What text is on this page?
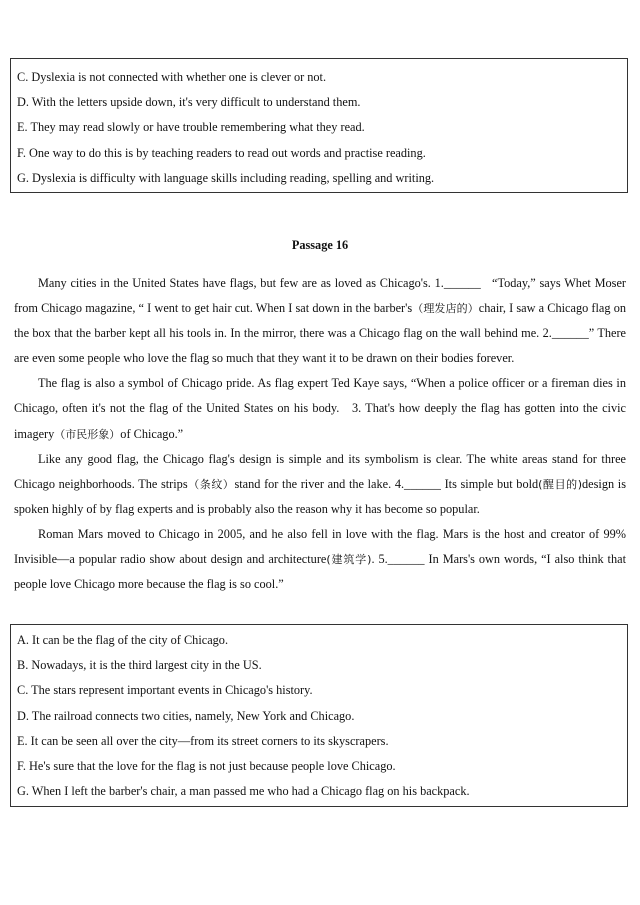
C. Dyslexia is not connected with whether one is clever or not.

D. With the letters upside down, it's very difficult to understand them.

E. They may read slowly or have trouble remembering what they read.

F. One way to do this is by teaching readers to read out words and practise reading.

G. Dyslexia is difficulty with language skills including reading, spelling and writing.

Passage 16

Many cities in the United States have flags, but few are as loved as Chicago's. 1.______   “Today,” says Whet Moser from Chicago magazine, “ I went to get hair cut. When I sat down in the barber's（理发店的）chair, I saw a Chicago flag on the box that the barber kept all his tools in. In the mirror, there was a Chicago flag on the wall behind me. 2.______” There are even some people who love the flag so much that they want it to be drawn on their bodies forever.

The flag is also a symbol of Chicago pride. As flag expert Ted Kaye says, “When a police officer or a fireman dies in Chicago, often it's not the flag of the United States on his body.   3. That's how deeply the flag has gotten into the civic imagery（市民形象）of Chicago.”

Like any good flag, the Chicago flag's design is simple and its symbolism is clear. The white areas stand for three Chicago neighborhoods. The strips（条纹）stand for the river and the lake. 4.______ Its simple but bold(醒目的)design is spoken highly of by flag experts and is probably also the reason why it has become so popular.

Roman Mars moved to Chicago in 2005, and he also fell in love with the flag. Mars is the host and creator of 99% Invisible—a popular radio show about design and architecture(建筑学). 5.______ In Mars's own words, “I also think that people love Chicago more because the flag is so cool.”

A. It can be the flag of the city of Chicago.

B. Nowadays, it is the third largest city in the US.

C. The stars represent important events in Chicago's history.

D. The railroad connects two cities, namely, New York and Chicago.

E. It can be seen all over the city—from its street corners to its skyscrapers.

F. He's sure that the love for the flag is not just because people love Chicago.

G. When I left the barber's chair, a man passed me who had a Chicago flag on his backpack.
